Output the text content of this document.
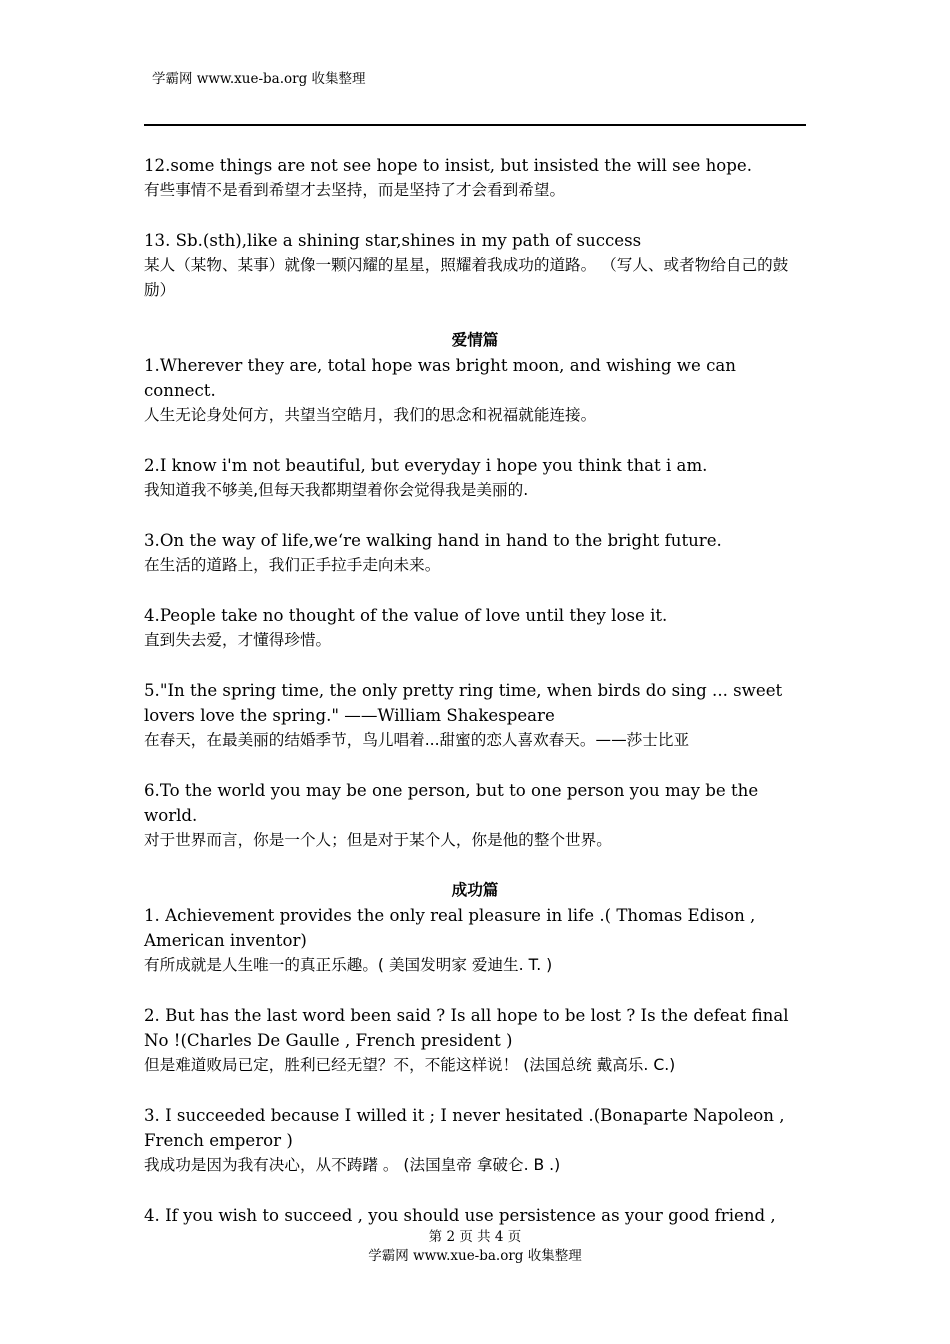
学霸网 www.xue-ba.org 收集整理
12.some things are not see hope to insist, but insisted the will see hope.
有些事情不是看到希望才去坚持，而是坚持了才会看到希望。
13. Sb.(sth),like a shining star,shines in my path of success
某人（某物、某事）就像一颗闪耀的星星，照耀着我成功的道路。 （写人、或者物给自己的鼓励）
爱情篇
1.Wherever they are, total hope was bright moon, and wishing we can connect.
人生无论身处何方，共望当空皓月，我们的思念和祝福就能连接。
2.I know i'm not beautiful, but everyday i hope you think that i am.
我知道我不够美,但每天我都期望着你会觉得我是美丽的.
3.On the way of life,we‘re walking hand in hand to the bright future.
在生活的道路上，我们正手拉手走向未来。
4.People take no thought of the value of love until they lose it.
直到失去爱，才懂得珍惜。
5."In the spring time, the only pretty ring time, when birds do sing ... sweet lovers love the spring." ——William Shakespeare
在春天，在最美丽的结婚季节，鸟儿唱着...甜蜜的恋人喜欢春天。——莎士比亚
6.To the world you may be one person, but to one person you may be the world.
对于世界而言，你是一个人；但是对于某个人，你是他的整个世界。
成功篇
1. Achievement provides the only real pleasure in life .( Thomas Edison , American inventor)
有所成就是人生唯一的真正乐趣。( 美国发明家 爱迪生. T. )
2. But has the last word been said ? Is all hope to be lost ? Is the defeat final No !(Charles De Gaulle , French president )
但是难道败局已定，胜利已经无望？不，不能这样说！ (法国总统 戴高乐. C.)
3. I succeeded because I willed it ; I never hesitated .(Bonaparte Napoleon , French emperor )
我成功是因为我有决心，从不踌躇 。 (法国皇帝 拿破仑. B .)
4. If you wish to succeed , you should use persistence as your good friend ,
第 2 页 共 4 页
学霸网 www.xue-ba.org 收集整理
